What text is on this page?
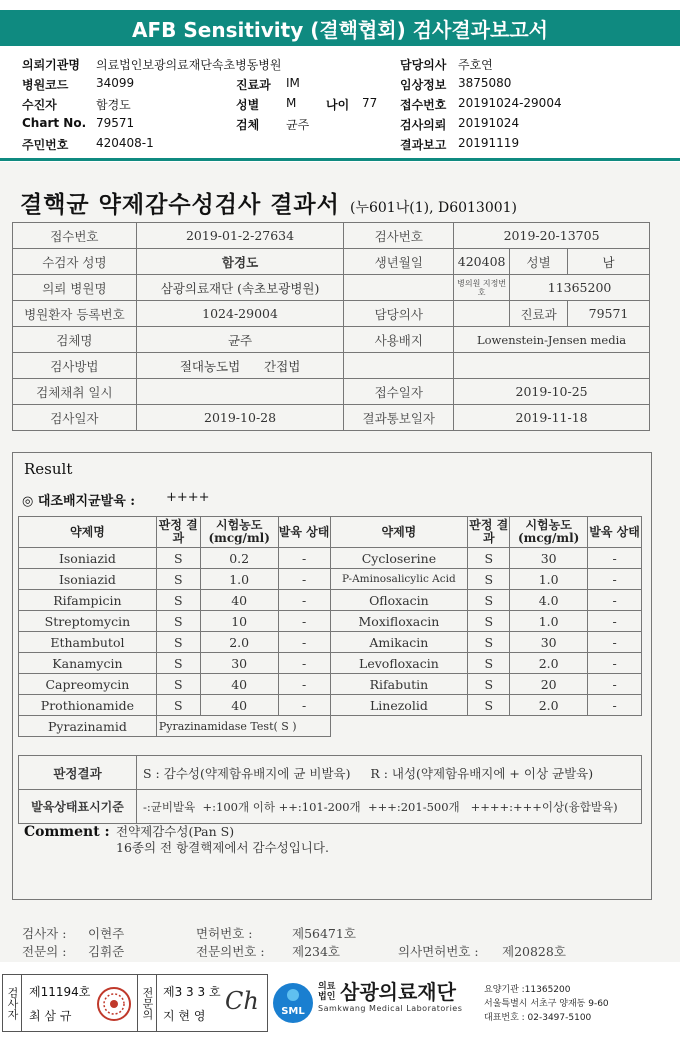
AFB Sensitivity (결핵협회) 검사결과보고서
의뢰기관명 의료법인보광의료재단속초병동병원	담당의사 주호연
병원코드 34099	진료과 IM	임상정보 3875080
수진자	함경도	성별 M 나이 77 접수번호 20191024-29004
Chart No. 79571	검체 균주	검사의뢰 20191024
주민번호 420408-1	결과보고 20191119
결핵균 약제감수성검사 결과서 (누601나(1), D6013001)
접수번호	2019-01-2-27634	검사번호	2019-20-13705		
수검자 성명	함경도	생년월일	420408	성별	남
의뢰 병원명	삼광의료재단 (속초보광병원)		병의원 지정번호	11365200	
병원환자 등록번호	1024-29004	담당의사		진료과	79571
검체명	균주	사용배지	Lowenstein-Jensen media		
검사방법	절대농도법 간접법				
검체채취 일시		접수일자	2019-10-25		
검사일자	2019-10-28	결과통보일자	2019-11-18		
Result
◎ 대조배지균발육 : ++++
약제명	판정 결과	시험농도 (mcg/ml)	발육 상태	약제명	판정 결과	시험농도 (mcg/ml)	발육 상태
Isoniazid	S	0.2	-	Cycloserine	S	30	-
Isoniazid	S	1.0	-	P-Aminosalicylic Acid	S	1.0	-
Rifampicin	S	40	-	Ofloxacin	S	4.0	-
Streptomycin	S	10	-	Moxifloxacin	S	1.0	-
Ethambutol	S	2.0	-	Amikacin	S	30	-
Kanamycin	S	30	-	Levofloxacin	S	2.0	-
Capreomycin	S	40	-	Rifabutin	S	20	-
Prothionamide	S	40	-	Linezolid	S	2.0	-
Pyrazinamid	Pyrazinamidase Test( S )						
판정결과	S : 감수성(약제함유배지에 균 비발육)     R : 내성(약제함유배지에 + 이상 균발육)
발육상태표시기준	-:균비발육  +:100개 이하 ++:101-200개  +++:201-500개   ++++:+++이상(융합발육)
Comment : 전약제감수성(Pan S)
16종의 전 항결핵제에서 감수성입니다.
검사자 : 이현주	면허번호 :	제56471호
전문의 : 김휘준	전문의번호 : 제234호	의사면허번호 : 제20828호
검사자 제11194호
최 삼 규	전문의 제3 3 3 호
지 현 영
Ch SML
의료
법인 삼광의료재단
Samkwang Medical Laboratories
요양기관 :11365200
서울특별시 서초구 양재동 9-60
대표번호 : 02-3497-5100
